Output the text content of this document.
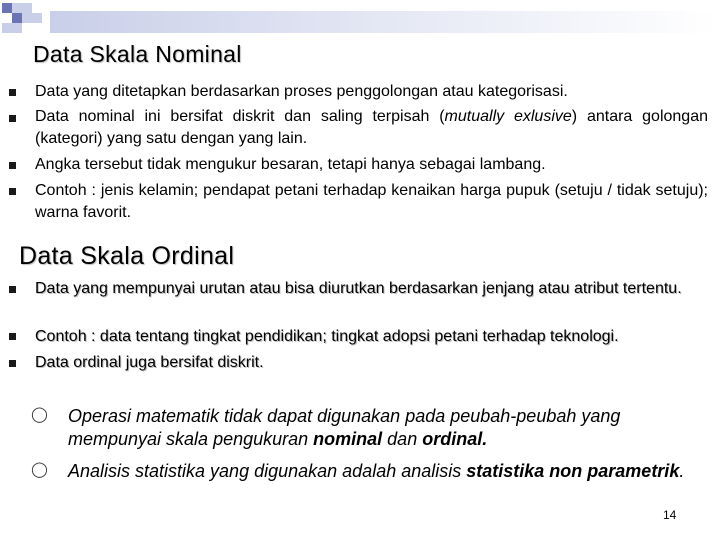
Data Skala Nominal
Data yang ditetapkan berdasarkan proses penggolongan atau kategorisasi.
Data nominal ini bersifat diskrit dan saling terpisah (mutually exlusive) antara golongan (kategori) yang satu dengan yang lain.
Angka tersebut tidak mengukur besaran, tetapi hanya sebagai lambang.
Contoh : jenis kelamin; pendapat petani terhadap kenaikan harga pupuk (setuju / tidak setuju); warna favorit.
Data Skala Ordinal
Data yang mempunyai urutan atau bisa diurutkan berdasarkan jenjang atau atribut tertentu.
Contoh : data tentang tingkat pendidikan; tingkat adopsi petani terhadap teknologi.
Data ordinal juga bersifat diskrit.
◯ Operasi matematik tidak dapat digunakan pada peubah-peubah yang mempunyai skala pengukuran nominal dan ordinal.
◯ Analisis statistika yang digunakan adalah analisis statistika non parametrik.
14
